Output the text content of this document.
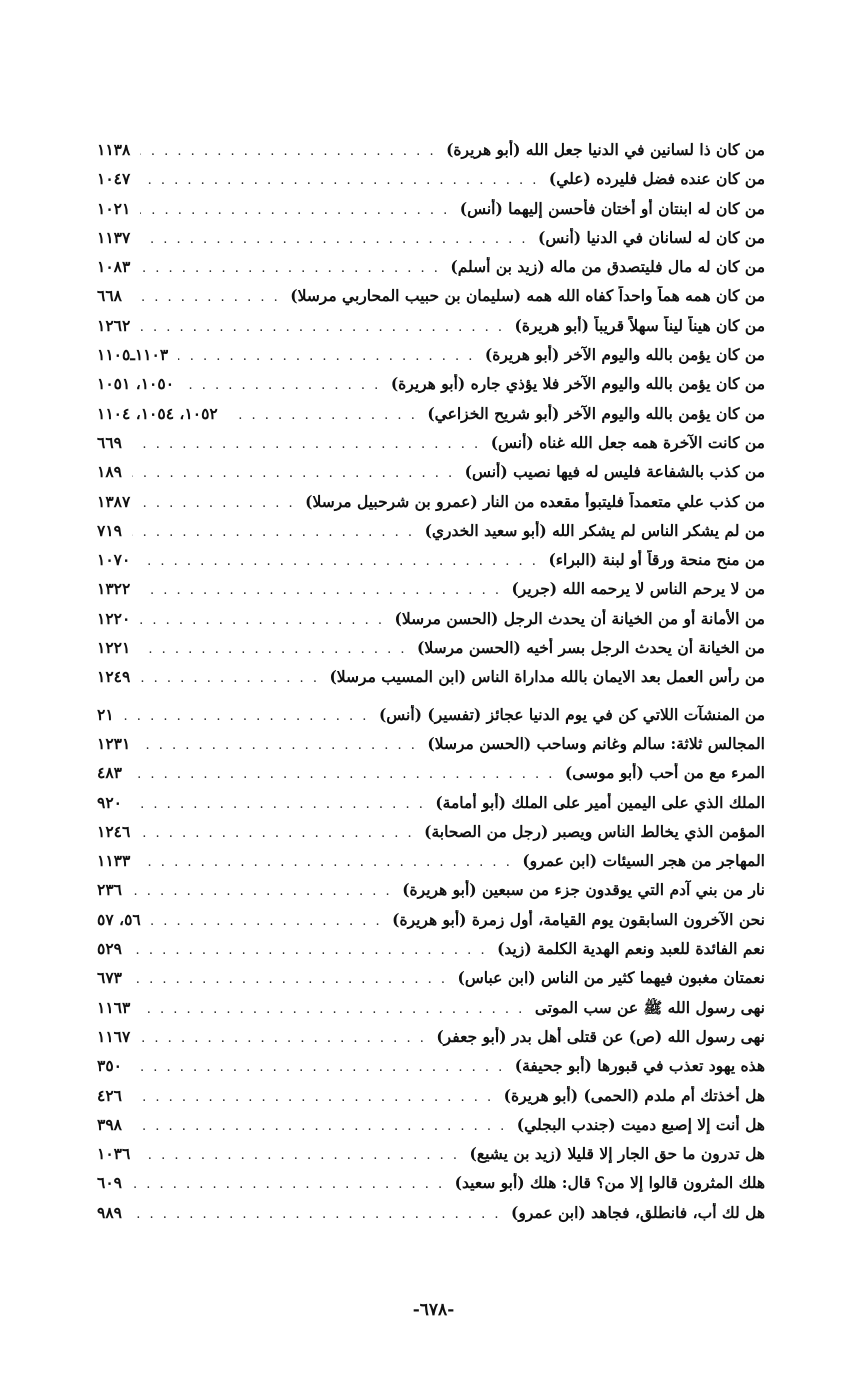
من كان ذا لسانين في الدنيا جعل الله (أبو هريرة)
. . .
١١٣٨
من كان عنده فضل فليرده (علي)
. . .
١٠٤٧
من كان له ابنتان أو أختان فأحسن إليهما (أنس)
. . .
١٠٢١
من كان له لسانان في الدنيا (أنس)
. . .
١١٣٧
من كان له مال فليتصدق من ماله (زيد بن أسلم)
. . .
١٠٨٣
من كان همه هماً واحداً كفاه الله همه (سليمان بن حبيب المحاربي مرسلا)
. . .
٦٦٨
من كان هيناً ليناً سهلاً قريباً (أبو هريرة)
. . .
١٢٦٢
من كان يؤمن بالله واليوم الآخر (أبو هريرة)
. . .
١١٠٣ـ١١٠٥
من كان يؤمن بالله واليوم الآخر فلا يؤذي جاره (أبو هريرة)
. . .
١٠٥٠، ١٠٥١
من كان يؤمن بالله واليوم الآخر (أبو شريح الخزاعي)
. . .
١٠٥٢، ١٠٥٤، ١١٠٤
من كانت الآخرة همه جعل الله غناه (أنس)
. . .
٦٦٩
من كذب بالشفاعة فليس له فيها نصيب (أنس)
. . .
١٨٩
من كذب علي متعمداً فليتبوأ مقعده من النار (عمرو بن شرحبيل مرسلا)
. . .
١٣٨٧
من لم يشكر الناس لم يشكر الله (أبو سعيد الخدري)
. . .
٧١٩
من منح منحة ورقاً أو لبنة (البراء)
. . .
١٠٧٠
من لا يرحم الناس لا يرحمه الله (جرير)
. . .
١٣٢٢
من الأمانة أو من الخيانة أن يحدث الرجل (الحسن مرسلا)
. . .
١٢٢٠
من الخيانة أن يحدث الرجل بسر أخيه (الحسن مرسلا)
. . .
١٢٢١
من رأس العمل بعد الايمان بالله مداراة الناس (ابن المسيب مرسلا)
. . .
١٢٤٩
من المنشآت اللاتي كن في يوم الدنيا عجائز (تفسير) (أنس)
. . .
٢١
المجالس ثلاثة: سالم وغانم وساحب (الحسن مرسلا)
. . .
١٢٣١
المرء مع من أحب (أبو موسى)
. . .
٤٨٣
الملك الذي على اليمين أمير على الملك (أبو أمامة)
. . .
٩٢٠
المؤمن الذي يخالط الناس ويصبر (رجل من الصحابة)
. . .
١٢٤٦
المهاجر من هجر السيئات (ابن عمرو)
. . .
١١٣٣
نار من بني آدم التي يوقدون جزء من سبعين (أبو هريرة)
. . .
٢٣٦
نحن الآخرون السابقون يوم القيامة، أول زمرة (أبو هريرة)
. . .
٥٦، ٥٧
نعم الفائدة للعبد ونعم الهدية الكلمة (زيد)
. . .
٥٢٩
نعمتان مغبون فيهما كثير من الناس (ابن عباس)
. . .
٦٧٣
نهى رسول الله ﷺ عن سب الموتى
. . .
١١٦٣
نهى رسول الله (ص) عن قتلى أهل بدر (أبو جعفر)
. . .
١١٦٧
هذه يهود تعذب في قبورها (أبو جحيفة)
. . .
٣٥٠
هل أخذتك أم ملدم (الحمى) (أبو هريرة)
. . .
٤٢٦
هل أنت إلا إصبع دميت (جندب البجلي)
. . .
٣٩٨
هل تدرون ما حق الجار إلا قليلا (زيد بن يشيع)
. . .
١٠٣٦
هلك المثرون قالوا إلا من؟ قال: هلك (أبو سعيد)
. . .
٦٠٩
هل لك أب، فانطلق، فجاهد (ابن عمرو)
. . .
٩٨٩
-٦٧٨-
